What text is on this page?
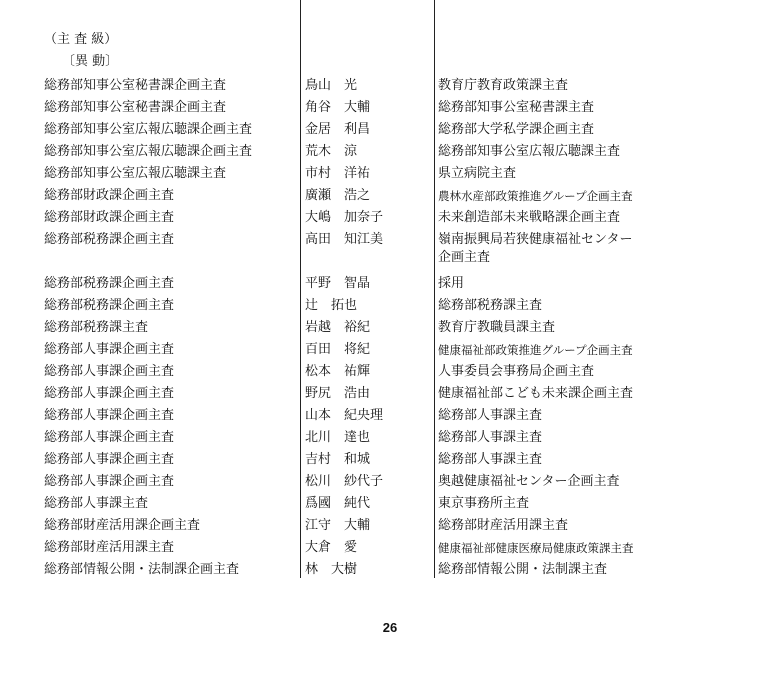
（主 査 級）
〔異 動〕
総務部知事公室秘書課企画主査	鳥山　光	教育庁教育政策課主査
総務部知事公室秘書課企画主査	角谷　大輔	総務部知事公室秘書課主査
総務部知事公室広報広聴課企画主査	金居　利昌	総務部大学私学課企画主査
総務部知事公室広報広聴課企画主査	荒木　涼	総務部知事公室広報広聴課主査
総務部知事公室広報広聴課主査	市村　洋祐	県立病院主査
総務部財政課企画主査	廣瀬　浩之	農林水産部政策推進グループ企画主査
総務部財政課企画主査	大嶋　加奈子	未来創造部未来戦略課企画主査
総務部税務課企画主査	高田　知江美	嶺南振興局若狭健康福祉センター
企画主査
総務部税務課企画主査	平野　智晶	採用
総務部税務課企画主査	辻　拓也	総務部税務課主査
総務部税務課主査	岩越　裕紀	教育庁教職員課主査
総務部人事課企画主査	百田　将紀	健康福祉部政策推進グループ企画主査
総務部人事課企画主査	松本　祐輝	人事委員会事務局企画主査
総務部人事課企画主査	野尻　浩由	健康福祉部こども未来課企画主査
総務部人事課企画主査	山本　紀央理	総務部人事課主査
総務部人事課企画主査	北川　達也	総務部人事課主査
総務部人事課企画主査	吉村　和城	総務部人事課主査
総務部人事課企画主査	松川　紗代子	奥越健康福祉センター企画主査
総務部人事課主査	爲國　純代	東京事務所主査
総務部財産活用課企画主査	江守　大輔	総務部財産活用課主査
総務部財産活用課主査	大倉　愛	健康福祉部健康医療局健康政策課主査
総務部情報公開・法制課企画主査	林　大樹	総務部情報公開・法制課主査
26
